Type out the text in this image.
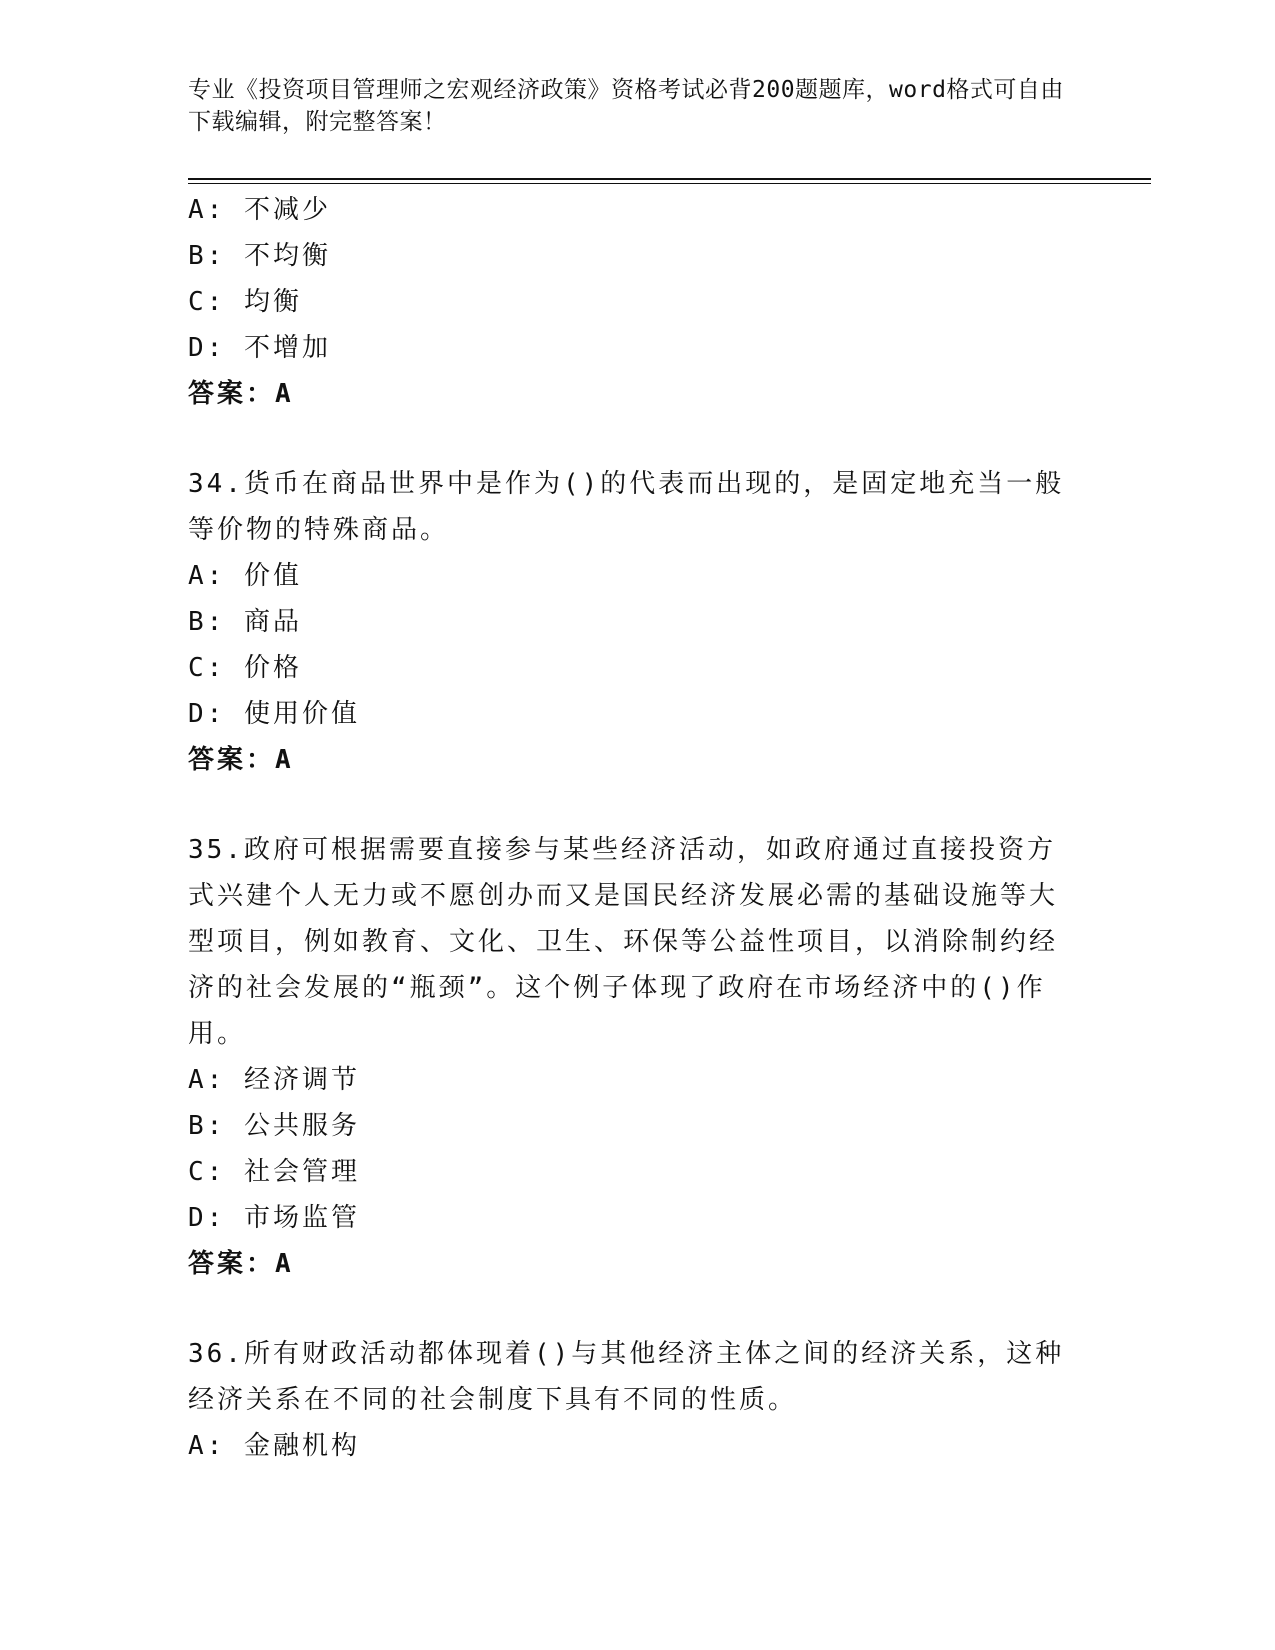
专业《投资项目管理师之宏观经济政策》资格考试必背200题题库，word格式可自由下载编辑，附完整答案！
A: 不减少
B: 不均衡
C: 均衡
D: 不增加
答案：A
34.货币在商品世界中是作为()的代表而出现的，是固定地充当一般等价物的特殊商品。
A: 价值
B: 商品
C: 价格
D: 使用价值
答案：A
35.政府可根据需要直接参与某些经济活动，如政府通过直接投资方式兴建个人无力或不愿创办而又是国民经济发展必需的基础设施等大型项目，例如教育、文化、卫生、环保等公益性项目，以消除制约经济的社会发展的“瓶颈”。这个例子体现了政府在市场经济中的()作用。
A: 经济调节
B: 公共服务
C: 社会管理
D: 市场监管
答案：A
36.所有财政活动都体现着()与其他经济主体之间的经济关系，这种经济关系在不同的社会制度下具有不同的性质。
A: 金融机构
